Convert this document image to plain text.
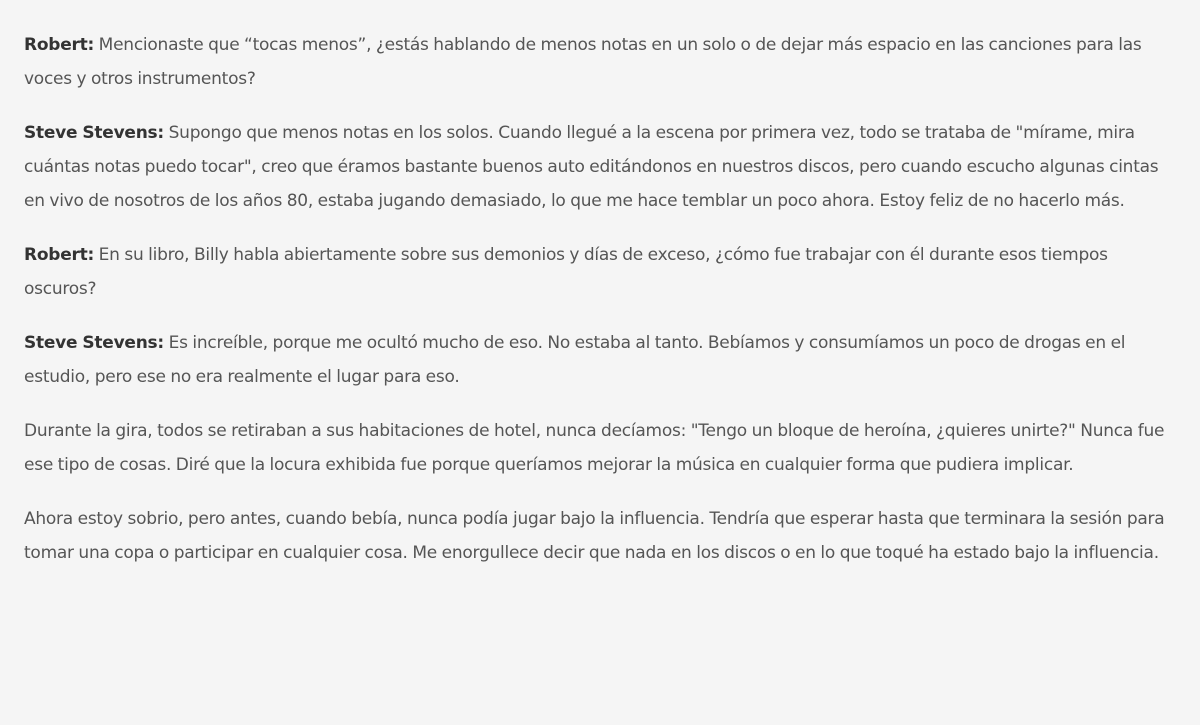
Robert: Mencionaste que “tocas menos”, ¿estás hablando de menos notas en un solo o de dejar más espacio en las canciones para las voces y otros instrumentos?

Steve Stevens: Supongo que menos notas en los solos. Cuando llegué a la escena por primera vez, todo se trataba de "mírame, mira cuántas notas puedo tocar", creo que éramos bastante buenos auto editándonos en nuestros discos, pero cuando escucho algunas cintas en vivo de nosotros de los años 80, estaba jugando demasiado, lo que me hace temblar un poco ahora. Estoy feliz de no hacerlo más.

Robert: En su libro, Billy habla abiertamente sobre sus demonios y días de exceso, ¿cómo fue trabajar con él durante esos tiempos oscuros?

Steve Stevens: Es increíble, porque me ocultó mucho de eso. No estaba al tanto. Bebíamos y consumíamos un poco de drogas en el estudio, pero ese no era realmente el lugar para eso.

Durante la gira, todos se retiraban a sus habitaciones de hotel, nunca decíamos: "Tengo un bloque de heroína, ¿quieres unirte?" Nunca fue ese tipo de cosas. Diré que la locura exhibida fue porque queríamos mejorar la música en cualquier forma que pudiera implicar.

Ahora estoy sobrio, pero antes, cuando bebía, nunca podía jugar bajo la influencia. Tendría que esperar hasta que terminara la sesión para tomar una copa o participar en cualquier cosa. Me enorgullece decir que nada en los discos o en lo que toqué ha estado bajo la influencia.
